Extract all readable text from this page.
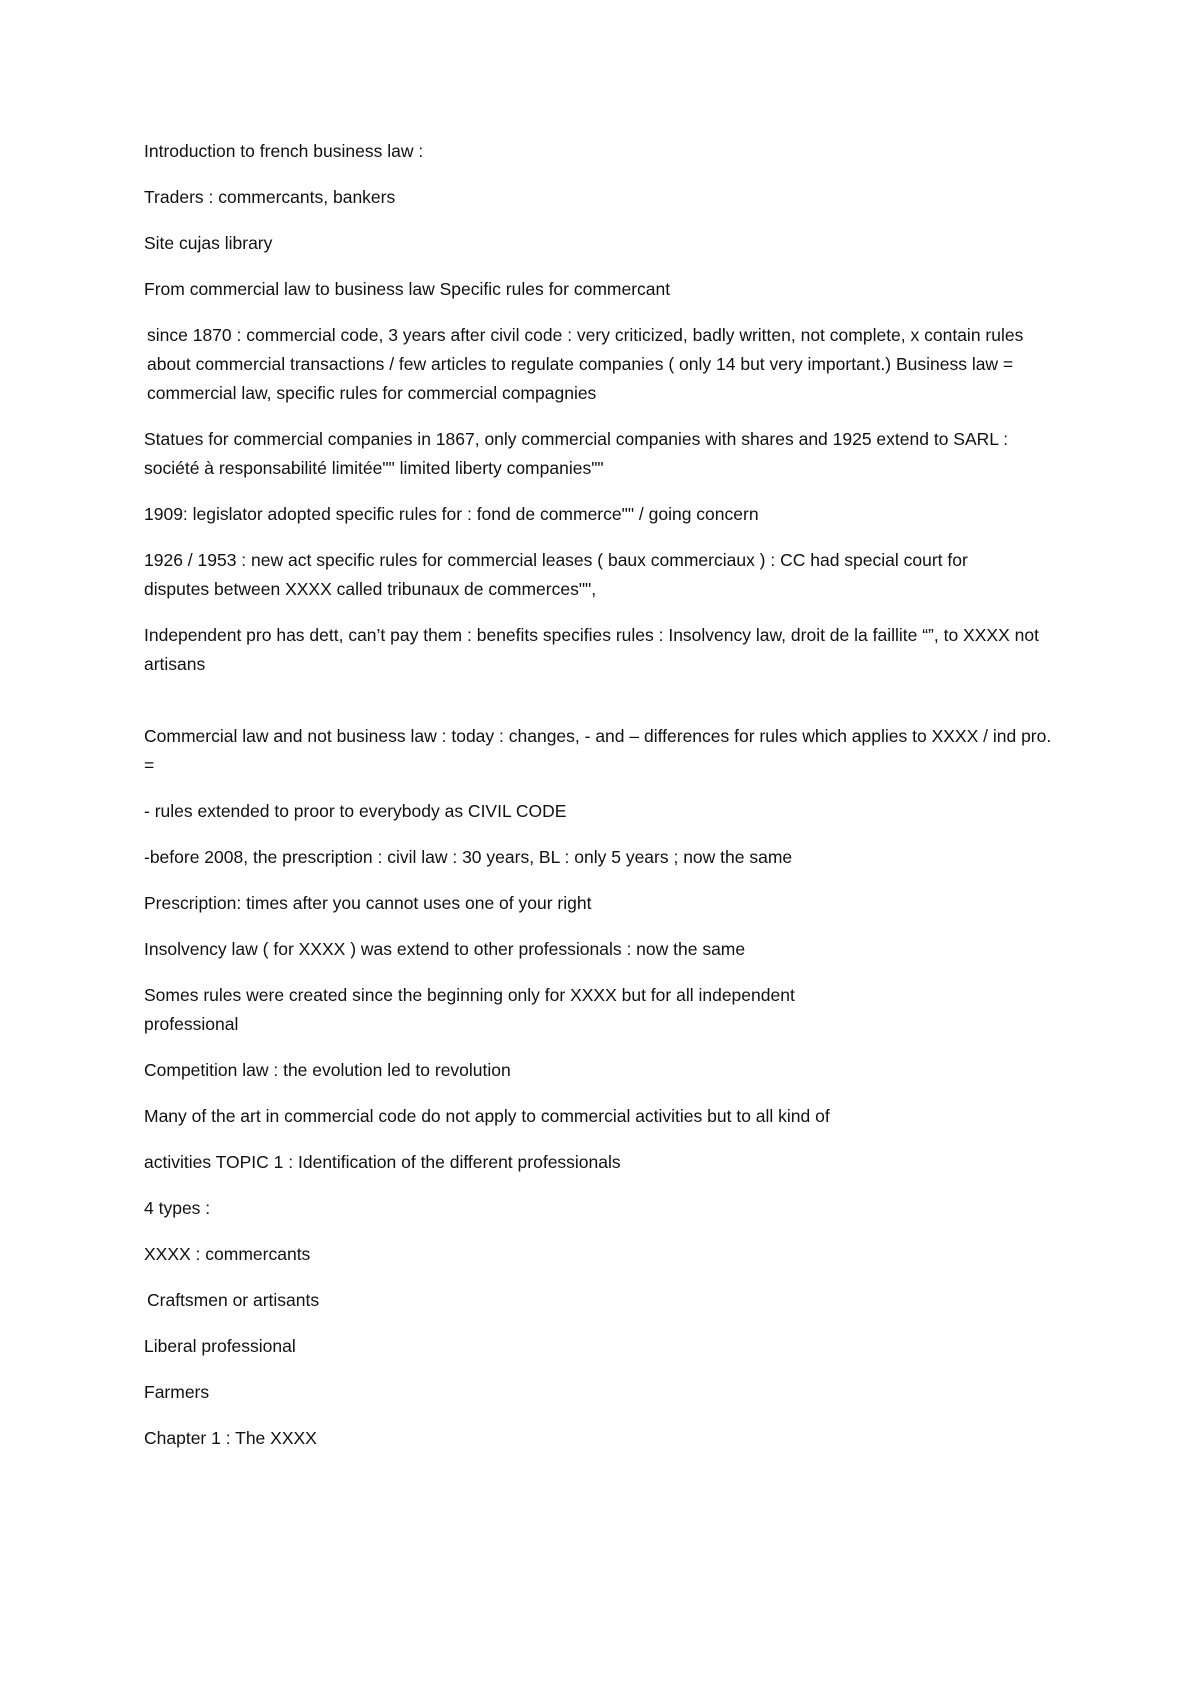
Introduction to french business law :

Traders : commercants, bankers

Site cujas library

From commercial law to business law Specific rules for commercant

since 1870 : commercial code, 3 years after civil code : very criticized, badly written, not complete, x contain rules about commercial transactions / few articles to regulate companies ( only 14 but very important.) Business law = commercial law, specific rules for commercial compagnies

Statues for commercial companies in 1867, only commercial companies with shares and 1925 extend to SARL : société à responsabilité limitée"" limited liberty companies""

1909: legislator adopted specific rules for : fond de commerce"" / going concern

1926 / 1953 : new act specific rules for commercial leases ( baux commerciaux ) : CC had special court for disputes between XXXX called tribunaux de commerces"",

Independent pro has dett, can’t pay them : benefits specifies rules : Insolvency law, droit de la faillite “”, to XXXX not artisans

Commercial law and not business law : today : changes, - and – differences for rules which applies to XXXX / ind pro. =

- rules extended to proor to everybody as CIVIL CODE

-before 2008, the prescription : civil law : 30 years, BL : only 5 years ; now the same

Prescription: times after you cannot uses one of your right

Insolvency law ( for XXXX ) was extend to other professionals : now the same

Somes rules were created since the beginning only for XXXX but for all independent professional

Competition law : the evolution led to revolution

Many of the art in commercial code do not apply to commercial activities but to all kind of

activities TOPIC 1 : Identification of the different professionals

4 types :

XXXX : commercants

Craftsmen or artisants

Liberal professional

Farmers

Chapter 1 : The XXXX
